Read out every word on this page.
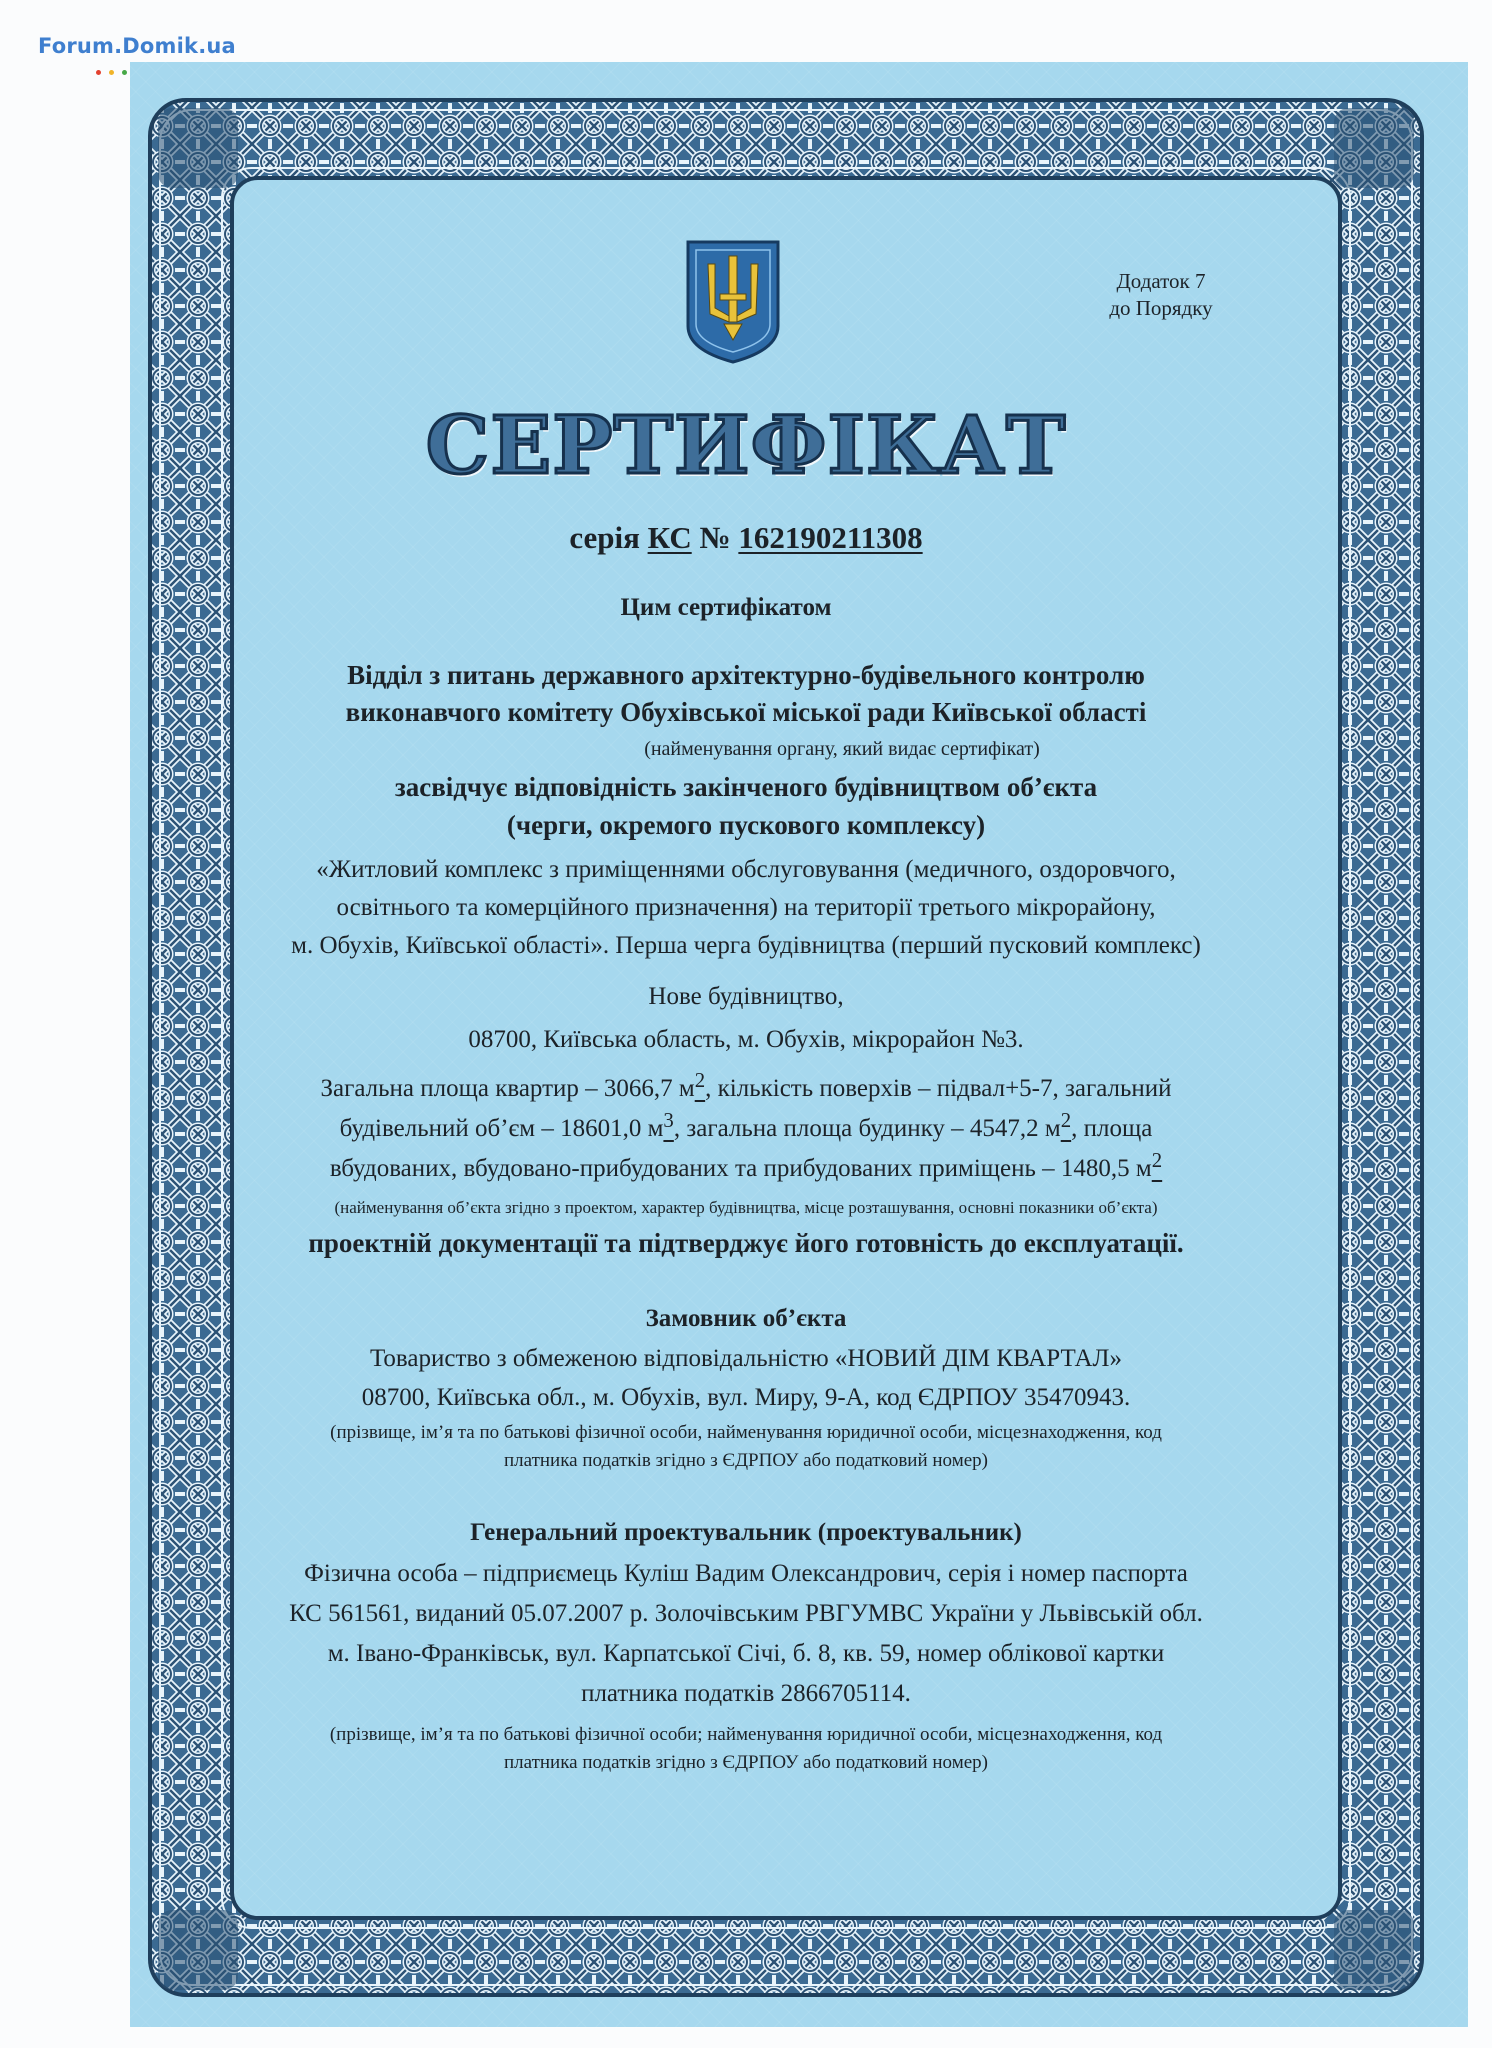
Додаток 7
до Порядку
СЕРТИФІКАТ
серія КС № 162190211308
Цим сертифікатом
Відділ з питань державного архітектурно-будівельного контролю
виконавчого комітету Обухівської міської ради Київської області
(найменування органу, який видає сертифікат)
засвідчує відповідність закінченого будівництвом об’єкта
(черги, окремого пускового комплексу)
«Житловий комплекс з приміщеннями обслуговування (медичного, оздоровчого,
освітнього та комерційного призначення) на території третього мікрорайону,
м. Обухів, Київської області». Перша черга будівництва (перший пусковий комплекс)
Нове будівництво,
08700, Київська область, м. Обухів, мікрорайон №3.
Загальна площа квартир – 3066,7 $м^2$, кількість поверхів – підвал+5-7, загальний
будівельний об’єм – 18601,0 $м^3$, загальна площа будинку – 4547,2 $м^2$, площа
вбудованих, вбудовано-прибудованих та прибудованих приміщень – 1480,5 $м^2$
(найменування об’єкта згідно з проектом, характер будівництва, місце розташування, основні показники об’єкта)
проектній документації та підтверджує його готовність до експлуатації.
Замовник об’єкта
Товариство з обмеженою відповідальністю «НОВИЙ ДІМ КВАРТАЛ»
08700, Київська обл., м. Обухів, вул. Миру, 9-А, код ЄДРПОУ 35470943.
(прізвище, ім’я та по батькові фізичної особи, найменування юридичної особи, місцезнаходження, код
платника податків згідно з ЄДРПОУ або податковий номер)
Генеральний проектувальник (проектувальник)
Фізична особа – підприємець Куліш Вадим Олександрович, серія і номер паспорта
КС 561561, виданий 05.07.2007 р. Золочівським РВГУМВС України у Львівській обл.
м. Івано-Франківськ, вул. Карпатської Січі, б. 8, кв. 59, номер облікової картки
платника податків 2866705114.
(прізвище, ім’я та по батькові фізичної особи; найменування юридичної особи, місцезнаходження, код
платника податків згідно з ЄДРПОУ або податковий номер)
